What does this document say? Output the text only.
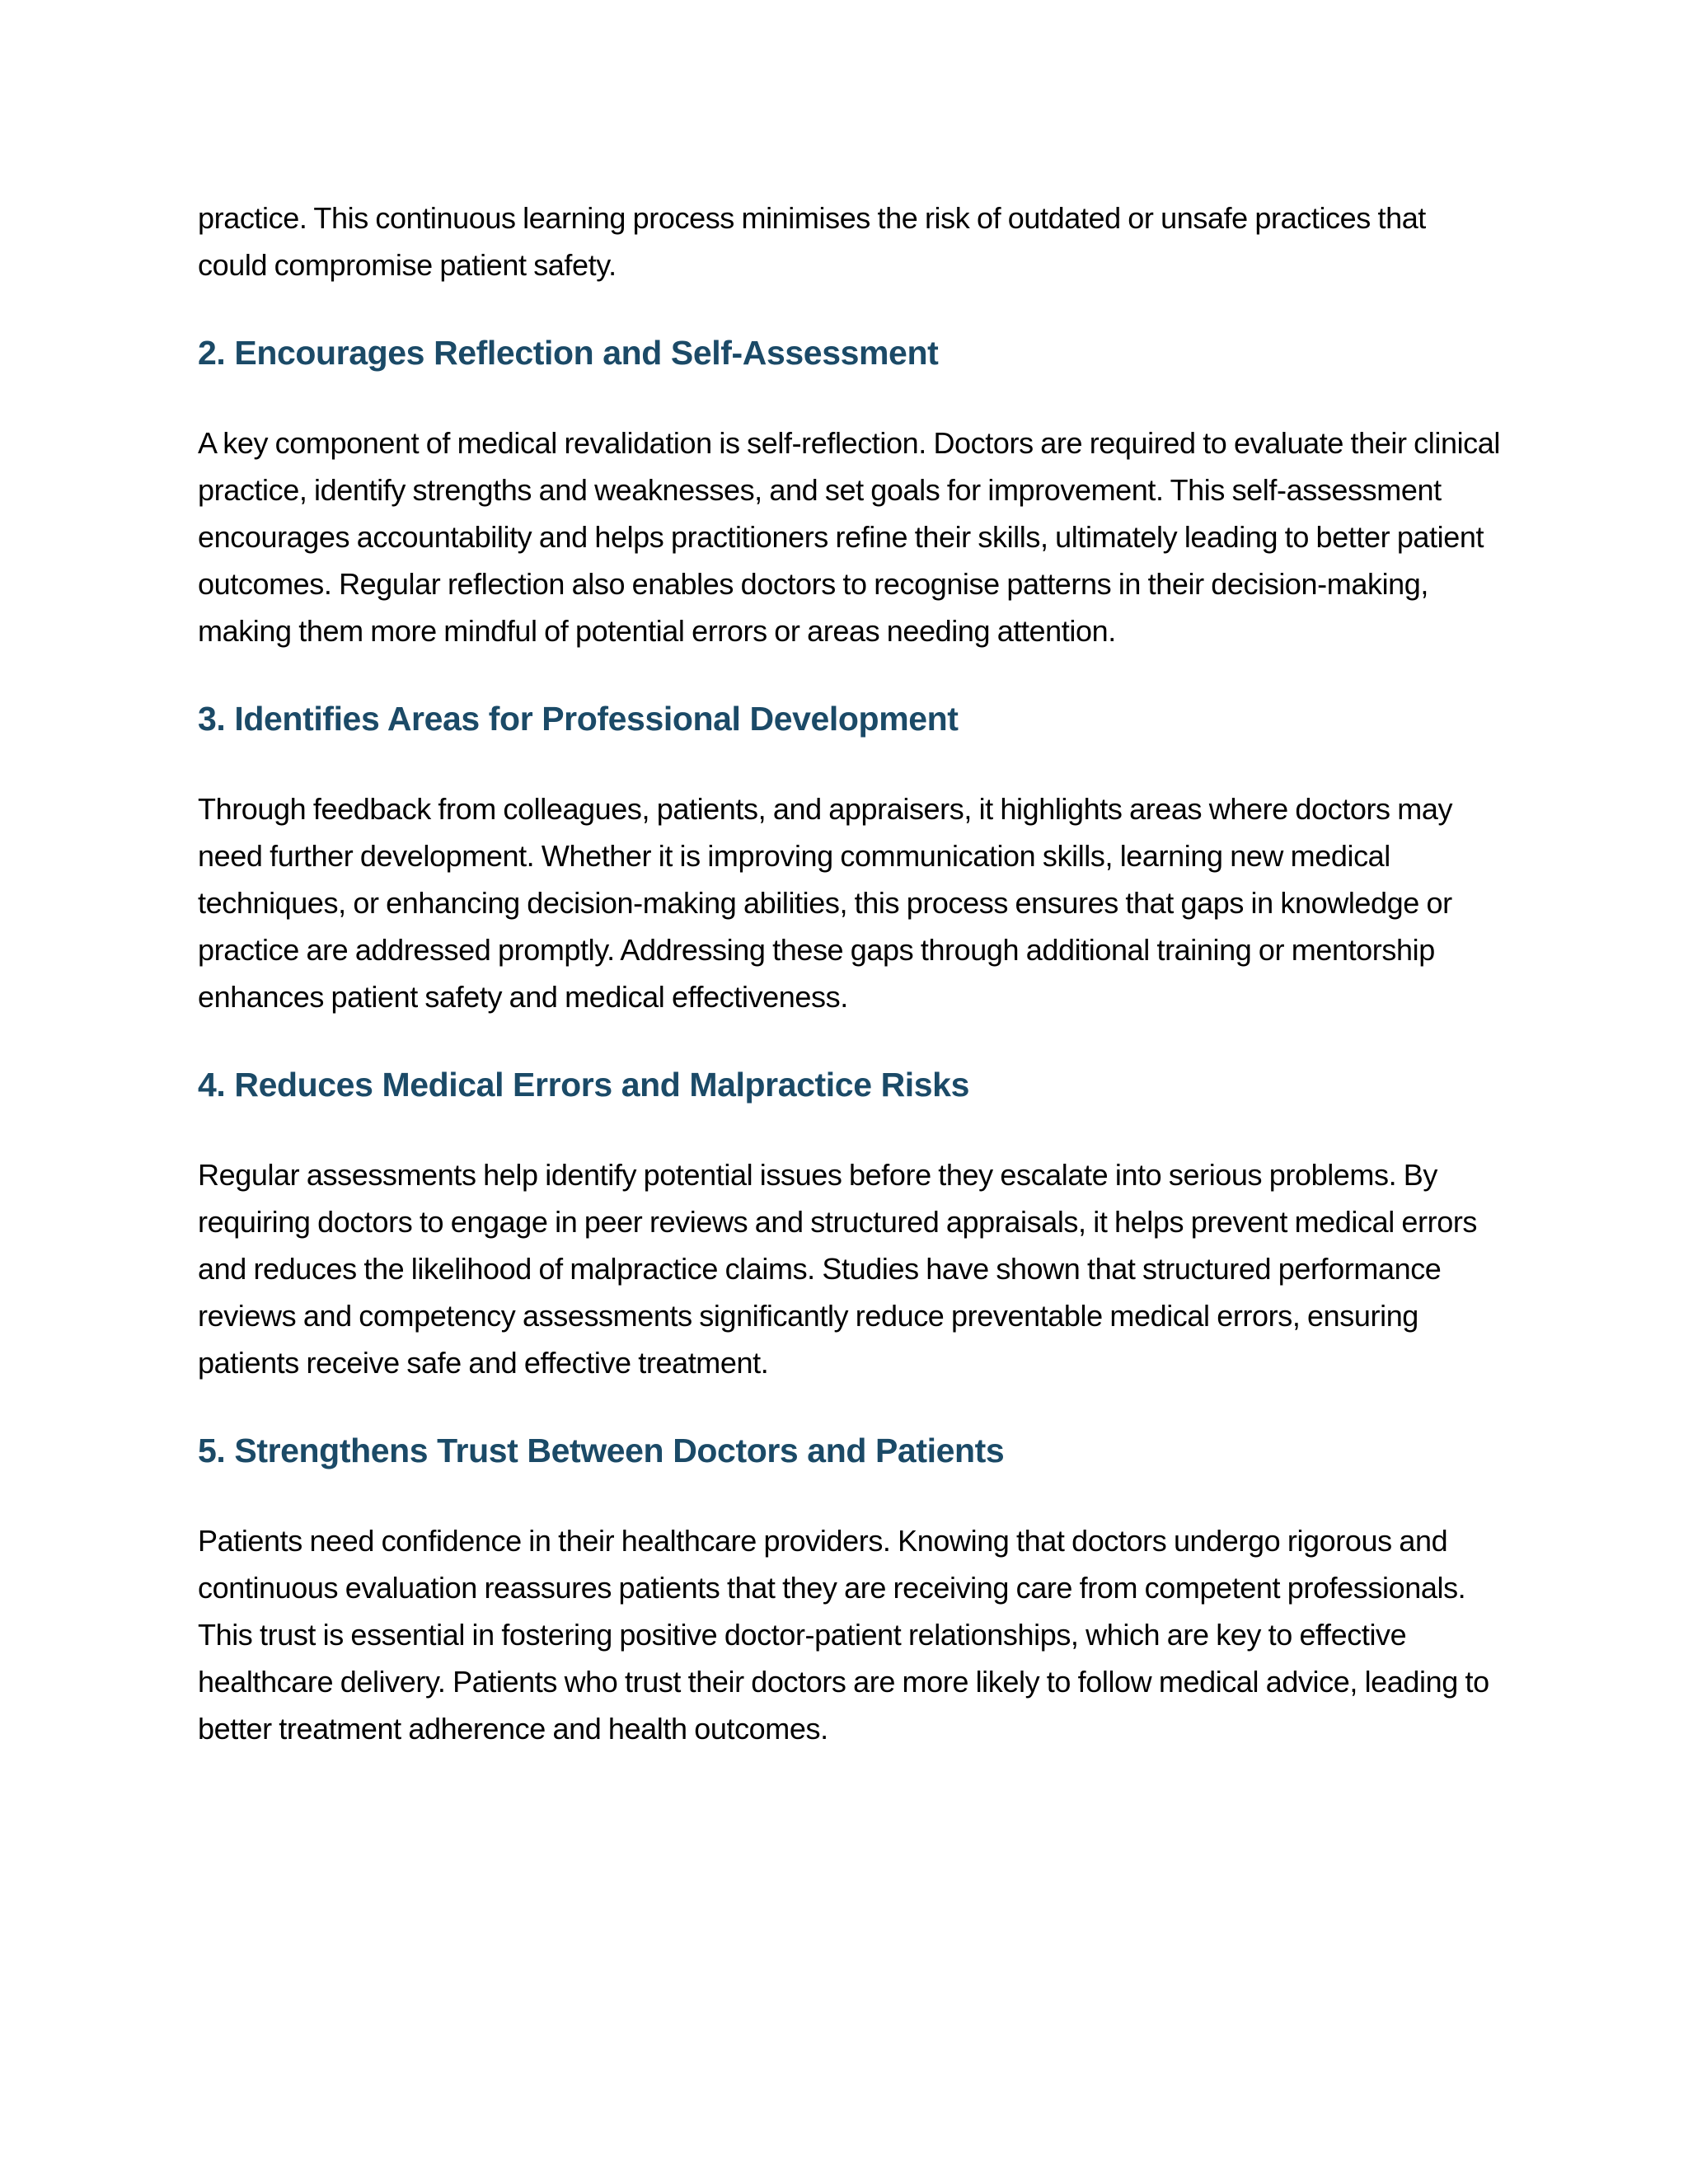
practice. This continuous learning process minimises the risk of outdated or unsafe practices that could compromise patient safety.

2. Encourages Reflection and Self-Assessment

A key component of medical revalidation is self-reflection. Doctors are required to evaluate their clinical practice, identify strengths and weaknesses, and set goals for improvement. This self-assessment encourages accountability and helps practitioners refine their skills, ultimately leading to better patient outcomes. Regular reflection also enables doctors to recognise patterns in their decision-making, making them more mindful of potential errors or areas needing attention.

3. Identifies Areas for Professional Development

Through feedback from colleagues, patients, and appraisers, it highlights areas where doctors may need further development. Whether it is improving communication skills, learning new medical techniques, or enhancing decision-making abilities, this process ensures that gaps in knowledge or practice are addressed promptly. Addressing these gaps through additional training or mentorship enhances patient safety and medical effectiveness.

4. Reduces Medical Errors and Malpractice Risks

Regular assessments help identify potential issues before they escalate into serious problems. By requiring doctors to engage in peer reviews and structured appraisals, it helps prevent medical errors and reduces the likelihood of malpractice claims. Studies have shown that structured performance reviews and competency assessments significantly reduce preventable medical errors, ensuring patients receive safe and effective treatment.

5. Strengthens Trust Between Doctors and Patients

Patients need confidence in their healthcare providers. Knowing that doctors undergo rigorous and continuous evaluation reassures patients that they are receiving care from competent professionals. This trust is essential in fostering positive doctor-patient relationships, which are key to effective healthcare delivery. Patients who trust their doctors are more likely to follow medical advice, leading to better treatment adherence and health outcomes.
